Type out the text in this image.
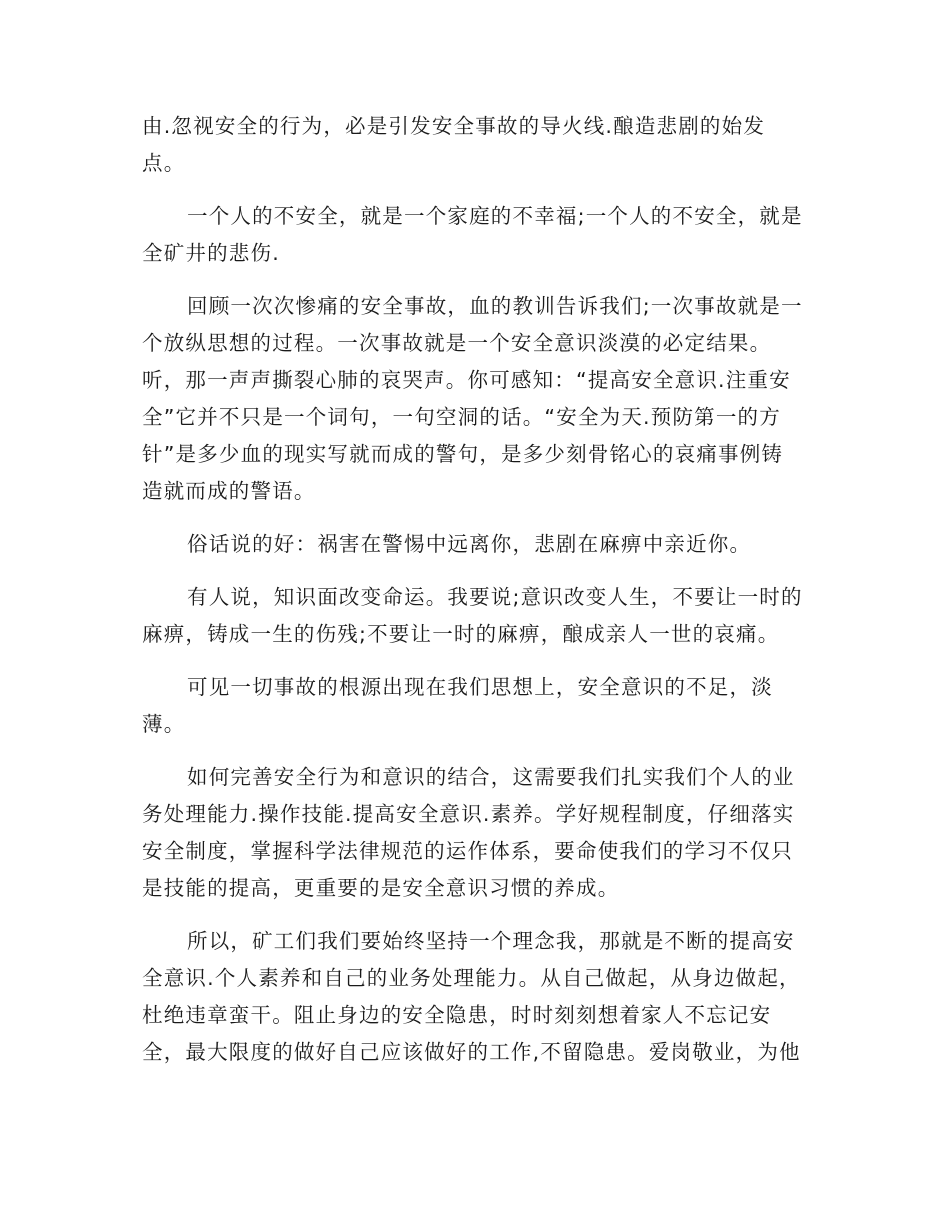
由.忽视安全的行为，必是引发安全事故的导火线.酿造悲剧的始发
点。
一个人的不安全，就是一个家庭的不幸福;一个人的不安全，就是
全矿井的悲伤.
回顾一次次惨痛的安全事故，血的教训告诉我们;一次事故就是一
个放纵思想的过程。一次事故就是一个安全意识淡漠的必定结果。
听，那一声声撕裂心肺的哀哭声。你可感知：“提高安全意识.注重安
全”它并不只是一个词句，一句空洞的话。“安全为天.预防第一的方
针”是多少血的现实写就而成的警句，是多少刻骨铭心的哀痛事例铸
造就而成的警语。
俗话说的好：祸害在警惕中远离你，悲剧在麻痹中亲近你。
有人说，知识面改变命运。我要说;意识改变人生，不要让一时的
麻痹，铸成一生的伤残;不要让一时的麻痹，酿成亲人一世的哀痛。
可见一切事故的根源出现在我们思想上，安全意识的不足，淡
薄。
如何完善安全行为和意识的结合，这需要我们扎实我们个人的业
务处理能力.操作技能.提高安全意识.素养。学好规程制度，仔细落实
安全制度，掌握科学法律规范的运作体系，要命使我们的学习不仅只
是技能的提高，更重要的是安全意识习惯的养成。
所以，矿工们我们要始终坚持一个理念我，那就是不断的提高安
全意识.个人素养和自己的业务处理能力。从自己做起，从身边做起，
杜绝违章蛮干。阻止身边的安全隐患，时时刻刻想着家人不忘记安
全，最大限度的做好自己应该做好的工作,不留隐患。爱岗敬业，为他
